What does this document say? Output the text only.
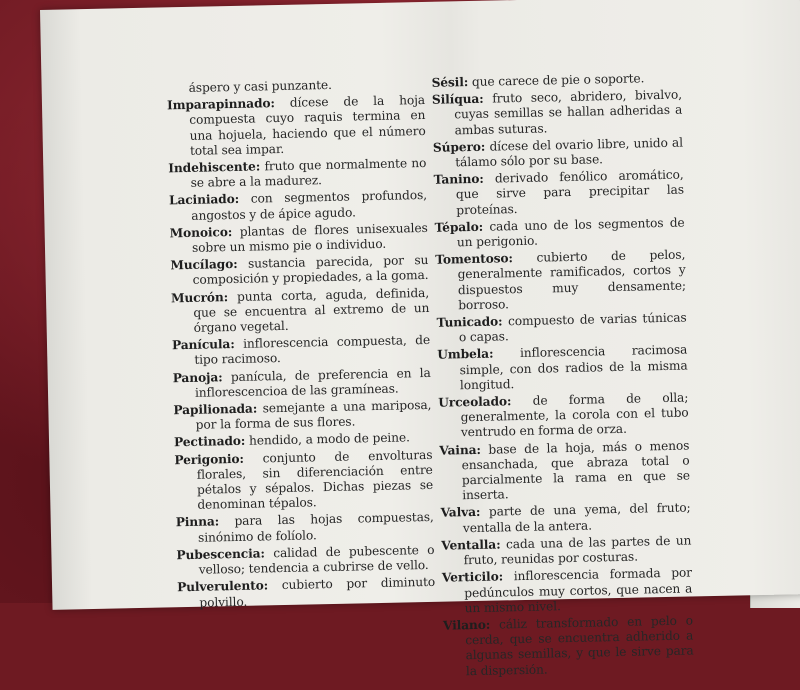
áspero y casi punzante.
Imparapinnado: dícese de la hoja compuesta cuyo raquis termina en una hojuela, haciendo que el número total sea impar.
Indehiscente: fruto que normalmente no se abre a la madurez.
Laciniado: con segmentos profundos, angostos y de ápice agudo.
Monoico: plantas de flores unisexuales sobre un mismo pie o individuo.
Mucílago: sustancia parecida, por su composición y propiedades, a la goma.
Mucrón: punta corta, aguda, definida, que se encuentra al extremo de un órgano vegetal.
Panícula: inflorescencia compuesta, de tipo racimoso.
Panoja: panícula, de preferencia en la inflorescencioa de las gramíneas.
Papilionada: semejante a una mariposa, por la forma de sus flores.
Pectinado: hendido, a modo de peine.
Perigonio: conjunto de envolturas florales, sin diferenciación entre pétalos y sépalos. Dichas piezas se denominan tépalos.
Pinna: para las hojas compuestas, sinónimo de folíolo.
Pubescencia: calidad de pubescente o velloso; tendencia a cubrirse de vello.
Pulverulento: cubierto por diminuto polvillo.
Sésil: que carece de pie o soporte.
Silíqua: fruto seco, abridero, bivalvo, cuyas semillas se hallan adheridas a ambas suturas.
Súpero: dícese del ovario libre, unido al tálamo sólo por su base.
Tanino: derivado fenólico aromático, que sirve para precipitar las proteínas.
Tépalo: cada uno de los segmentos de un perigonio.
Tomentoso: cubierto de pelos, generalmente ramificados, cortos y dispuestos muy densamente; borroso.
Tunicado: compuesto de varias túnicas o capas.
Umbela: inflorescencia racimosa simple, con dos radios de la misma longitud.
Urceolado: de forma de olla; generalmente, la corola con el tubo ventrudo en forma de orza.
Vaina: base de la hoja, más o menos ensanchada, que abraza total o parcialmente la rama en que se inserta.
Valva: parte de una yema, del fruto; ventalla de la antera.
Ventalla: cada una de las partes de un fruto, reunidas por costuras.
Verticilo: inflorescencia formada por pedúnculos muy cortos, que nacen a un mismo nivel.
Vilano: cáliz transformado en pelo o cerda, que se encuentra adherido a algunas semillas, y que le sirve para la dispersión.
